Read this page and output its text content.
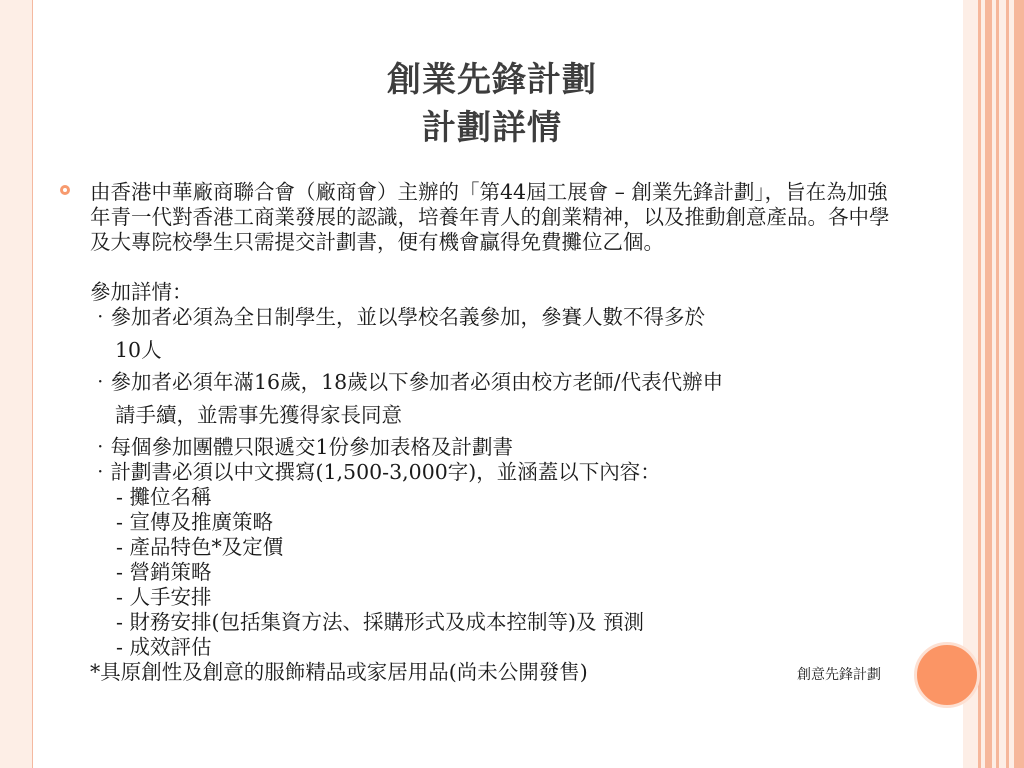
創業先鋒計劃
計劃詳情

由香港中華廠商聯合會（廠商會）主辦的「第44屆工展會 – 創業先鋒計劃」，旨在為加強年青一代對香港工商業發展的認識，培養年青人的創業精神，以及推動創意產品。各中學及大專院校學生只需提交計劃書，便有機會贏得免費攤位乙個。

參加詳情：

‧參加者必須為全日制學生，並以學校名義參加，參賽人數不得多於

10人

‧參加者必須年滿16歲，18歲以下參加者必須由校方老師/代表代辦申

請手續，並需事先獲得家長同意

‧每個參加團體只限遞交1份參加表格及計劃書

‧計劃書必須以中文撰寫(1,500-3,000字)，並涵蓋以下內容：

- 攤位名稱

- 宣傳及推廣策略

- 產品特色*及定價

- 營銷策略

- 人手安排

- 財務安排(包括集資方法、採購形式及成本控制等)及 預測

- 成效評估

*具原創性及創意的服飾精品或家居用品(尚未公開發售)	創意先鋒計劃
